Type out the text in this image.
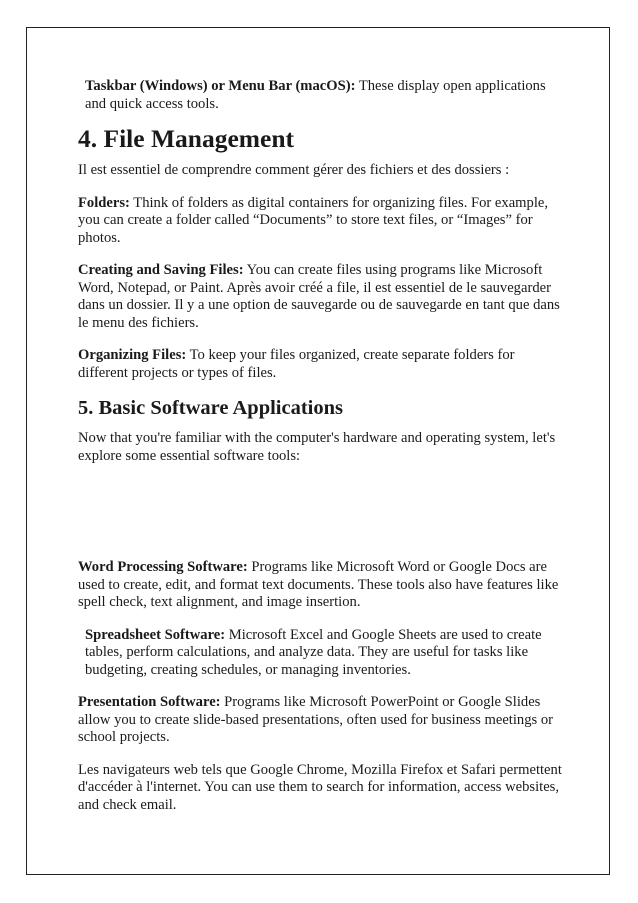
Taskbar (Windows) or Menu Bar (macOS): These display open applications and quick access tools.

4. File Management

Il est essentiel de comprendre comment gérer des fichiers et des dossiers :

Folders: Think of folders as digital containers for organizing files. For example, you can create a folder called “Documents” to store text files, or “Images” for photos.

Creating and Saving Files: You can create files using programs like Microsoft Word, Notepad, or Paint. Après avoir créé a file, il est essentiel de le sauvegarder dans un dossier. Il y a une option de sauvegarde ou de sauvegarde en tant que dans le menu des fichiers.

Organizing Files: To keep your files organized, create separate folders for different projects or types of files.

5. Basic Software Applications

Now that you're familiar with the computer's hardware and operating system, let's explore some essential software tools:

Word Processing Software: Programs like Microsoft Word or Google Docs are used to create, edit, and format text documents. These tools also have features like spell check, text alignment, and image insertion.

Spreadsheet Software: Microsoft Excel and Google Sheets are used to create tables, perform calculations, and analyze data. They are useful for tasks like budgeting, creating schedules, or managing inventories.

Presentation Software: Programs like Microsoft PowerPoint or Google Slides allow you to create slide-based presentations, often used for business meetings or school projects.

Les navigateurs web tels que Google Chrome, Mozilla Firefox et Safari permettent d'accéder à l'internet. You can use them to search for information, access websites, and check email.
